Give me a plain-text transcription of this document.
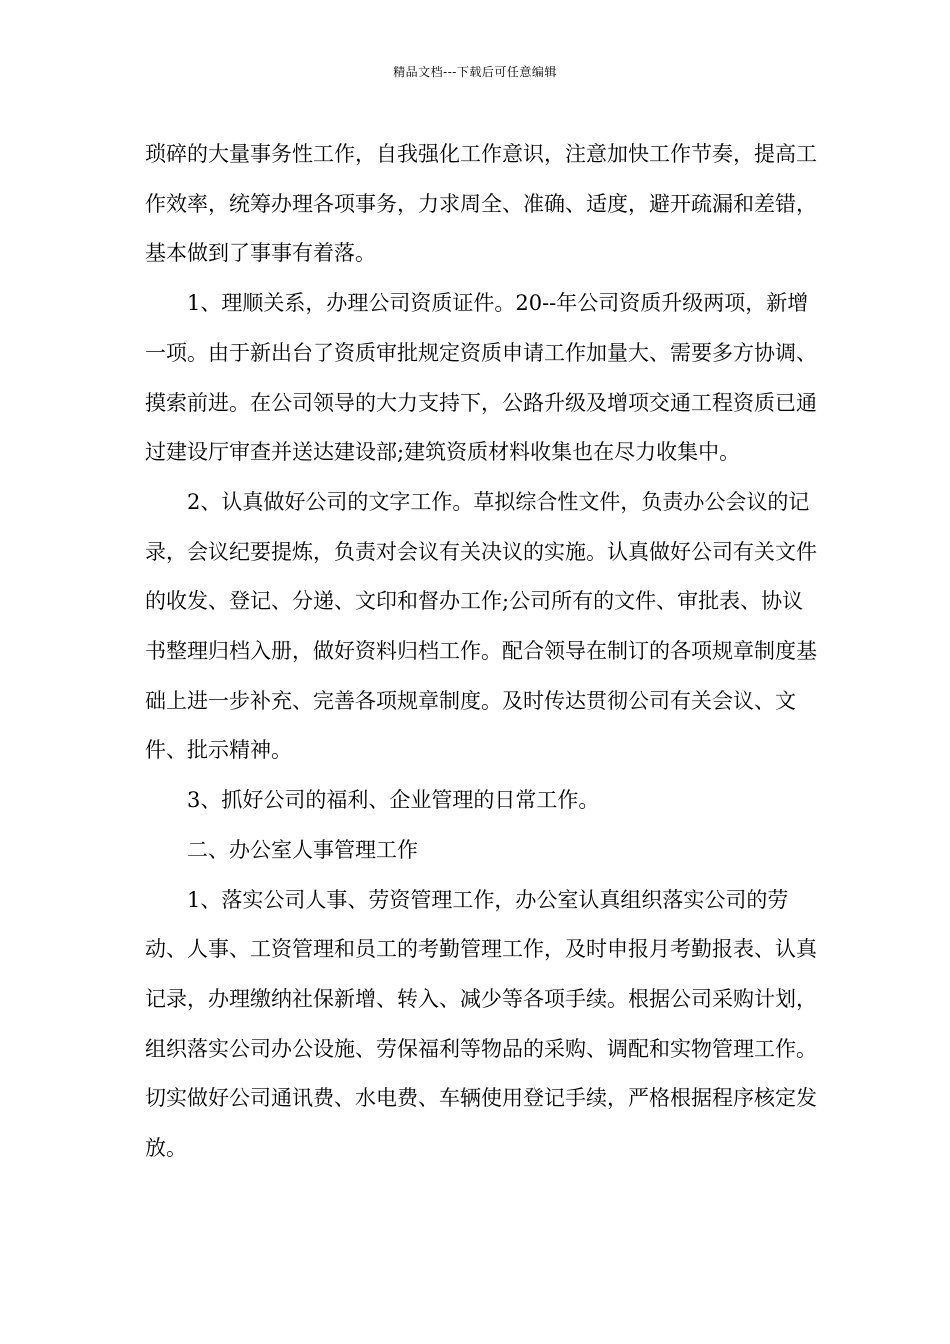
精品文档---下载后可任意编辑

琐碎的大量事务性工作，自我强化工作意识，注意加快工作节奏，提高工作效率，统筹办理各项事务，力求周全、准确、适度，避开疏漏和差错，基本做到了事事有着落。

1、理顺关系，办理公司资质证件。20--年公司资质升级两项，新增一项。由于新出台了资质审批规定资质申请工作加量大、需要多方协调、摸索前进。在公司领导的大力支持下，公路升级及增项交通工程资质已通过建设厅审查并送达建设部;建筑资质材料收集也在尽力收集中。

2、认真做好公司的文字工作。草拟综合性文件，负责办公会议的记录，会议纪要提炼，负责对会议有关决议的实施。认真做好公司有关文件的收发、登记、分递、文印和督办工作;公司所有的文件、审批表、协议书整理归档入册，做好资料归档工作。配合领导在制订的各项规章制度基础上进一步补充、完善各项规章制度。及时传达贯彻公司有关会议、文件、批示精神。

3、抓好公司的福利、企业管理的日常工作。

二、办公室人事管理工作

1、落实公司人事、劳资管理工作，办公室认真组织落实公司的劳动、人事、工资管理和员工的考勤管理工作，及时申报月考勤报表、认真记录，办理缴纳社保新增、转入、减少等各项手续。根据公司采购计划，组织落实公司办公设施、劳保福利等物品的采购、调配和实物管理工作。切实做好公司通讯费、水电费、车辆使用登记手续，严格根据程序核定发放。
